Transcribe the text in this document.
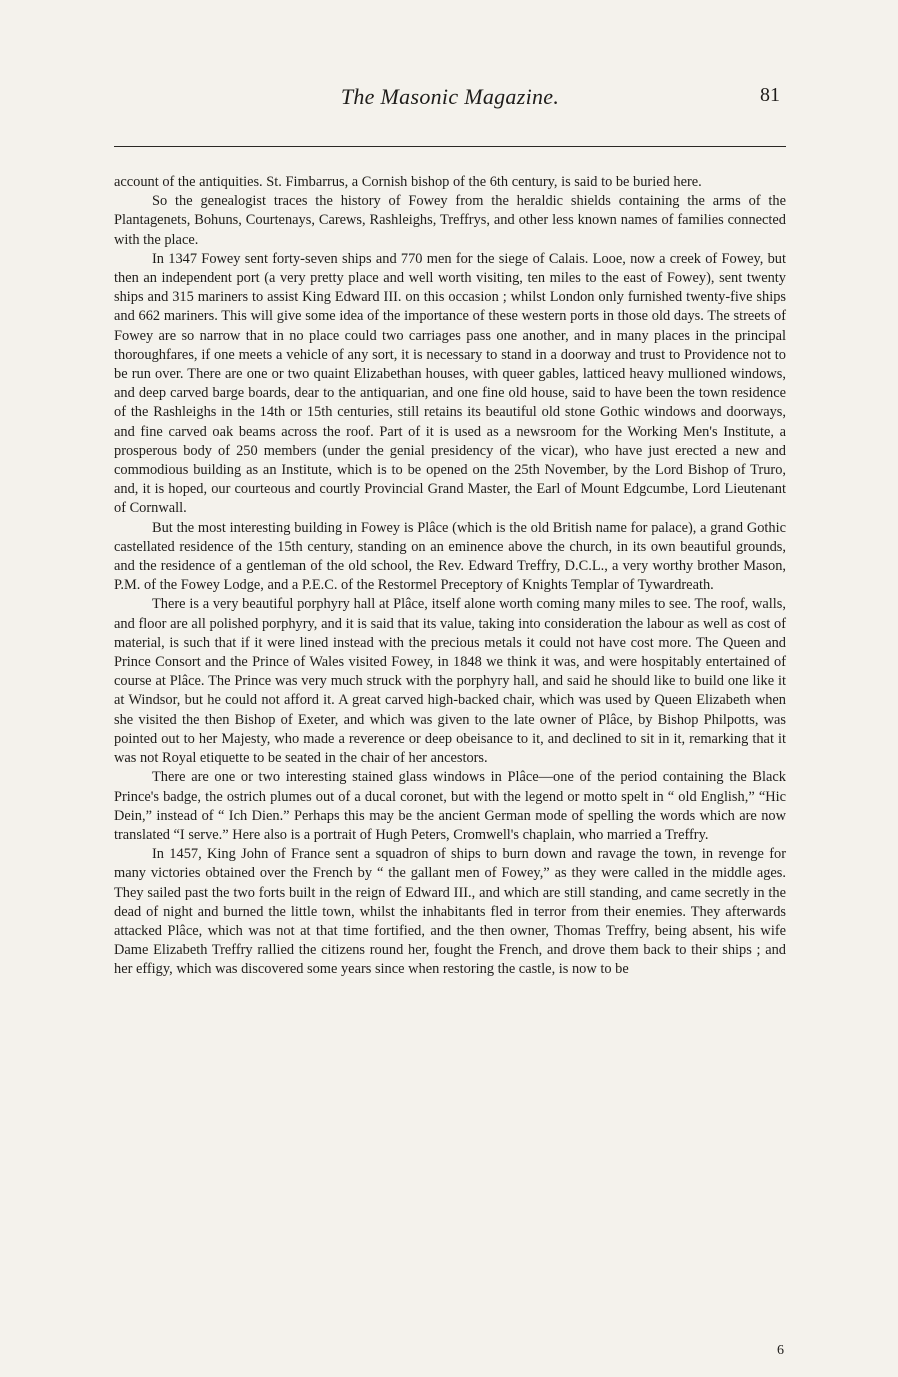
The Masonic Magazine.	81

account of the antiquities. St. Fimbarrus, a Cornish bishop of the 6th century, is said to be buried here.

So the genealogist traces the history of Fowey from the heraldic shields containing the arms of the Plantagenets, Bohuns, Courtenays, Carews, Rashleighs, Treffrys, and other less known names of families connected with the place.

In 1347 Fowey sent forty-seven ships and 770 men for the siege of Calais. Looe, now a creek of Fowey, but then an independent port (a very pretty place and well worth visiting, ten miles to the east of Fowey), sent twenty ships and 315 mariners to assist King Edward III. on this occasion ; whilst London only furnished twenty-five ships and 662 mariners. This will give some idea of the importance of these western ports in those old days. The streets of Fowey are so narrow that in no place could two carriages pass one another, and in many places in the principal thoroughfares, if one meets a vehicle of any sort, it is necessary to stand in a doorway and trust to Providence not to be run over. There are one or two quaint Elizabethan houses, with queer gables, latticed heavy mullioned windows, and deep carved barge boards, dear to the antiquarian, and one fine old house, said to have been the town residence of the Rashleighs in the 14th or 15th centuries, still retains its beautiful old stone Gothic windows and doorways, and fine carved oak beams across the roof. Part of it is used as a newsroom for the Working Men's Institute, a prosperous body of 250 members (under the genial presidency of the vicar), who have just erected a new and commodious building as an Institute, which is to be opened on the 25th November, by the Lord Bishop of Truro, and, it is hoped, our courteous and courtly Provincial Grand Master, the Earl of Mount Edgcumbe, Lord Lieutenant of Cornwall.

But the most interesting building in Fowey is Plâce (which is the old British name for palace), a grand Gothic castellated residence of the 15th century, standing on an eminence above the church, in its own beautiful grounds, and the residence of a gentleman of the old school, the Rev. Edward Treffry, D.C.L., a very worthy brother Mason, P.M. of the Fowey Lodge, and a P.E.C. of the Restormel Preceptory of Knights Templar of Tywardreath.

There is a very beautiful porphyry hall at Plâce, itself alone worth coming many miles to see. The roof, walls, and floor are all polished porphyry, and it is said that its value, taking into consideration the labour as well as cost of material, is such that if it were lined instead with the precious metals it could not have cost more. The Queen and Prince Consort and the Prince of Wales visited Fowey, in 1848 we think it was, and were hospitably entertained of course at Plâce. The Prince was very much struck with the porphyry hall, and said he should like to build one like it at Windsor, but he could not afford it. A great carved high-backed chair, which was used by Queen Elizabeth when she visited the then Bishop of Exeter, and which was given to the late owner of Plâce, by Bishop Philpotts, was pointed out to her Majesty, who made a reverence or deep obeisance to it, and declined to sit in it, remarking that it was not Royal etiquette to be seated in the chair of her ancestors.

There are one or two interesting stained glass windows in Plâce—one of the period containing the Black Prince's badge, the ostrich plumes out of a ducal coronet, but with the legend or motto spelt in “ old English,” “Hic Dein,” instead of “ Ich Dien.” Perhaps this may be the ancient German mode of spelling the words which are now translated “I serve.” Here also is a portrait of Hugh Peters, Cromwell's chaplain, who married a Treffry.

In 1457, King John of France sent a squadron of ships to burn down and ravage the town, in revenge for many victories obtained over the French by “ the gallant men of Fowey,” as they were called in the middle ages. They sailed past the two forts built in the reign of Edward III., and which are still standing, and came secretly in the dead of night and burned the little town, whilst the inhabitants fled in terror from their enemies. They afterwards attacked Plâce, which was not at that time fortified, and the then owner, Thomas Treffry, being absent, his wife Dame Elizabeth Treffry rallied the citizens round her, fought the French, and drove them back to their ships ; and her effigy, which was discovered some years since when restoring the castle, is now to be

6
